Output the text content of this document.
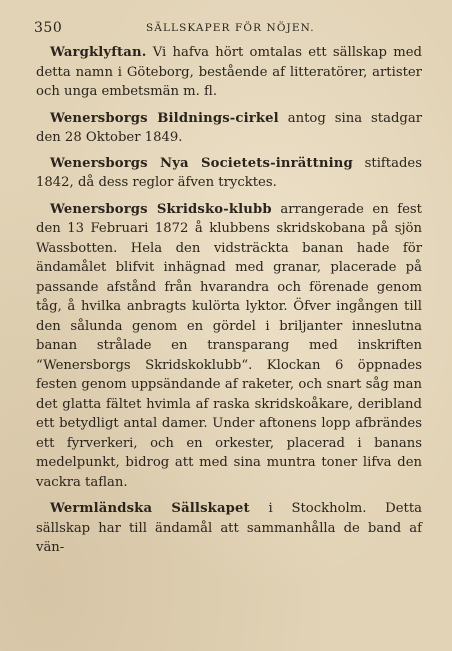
350	SÄLLSKAPER FÖR NÖJEN.

Wargklyftan. Vi hafva hört omtalas ett sällskap med detta namn i Göteborg, bestående af litteratörer, artister och unga embetsmän m. fl.

Wenersborgs Bildnings-cirkel antog sina stadgar den 28 Oktober 1849.

Wenersborgs Nya Societets-inrättning stiftades 1842, då dess reglor äfven trycktes.

Wenersborgs Skridsko-klubb arrangerade en fest den 13 Februari 1872 å klubbens skridskobana på sjön Wassbotten. Hela den vidsträckta banan hade för ändamålet blifvit inhägnad med granar, placerade på passande afstånd från hvarandra och förenade genom tåg, å hvilka anbragts kulörta lyktor. Öfver ingången till den sålunda genom en gördel i briljanter inneslutna banan strålade en transparang med inskriften “Wenersborgs Skridskoklubb“. Klockan 6 öppnades festen genom uppsändande af raketer, och snart såg man det glatta fältet hvimla af raska skridskoåkare, deribland ett betydligt antal damer. Under aftonens lopp afbrändes ett fyrverkeri, och en orkester, placerad i banans medelpunkt, bidrog att med sina muntra toner lifva den vackra taflan.

Wermländska Sällskapet i Stockholm. Detta sällskap har till ändamål att sammanhålla de band af vän-
